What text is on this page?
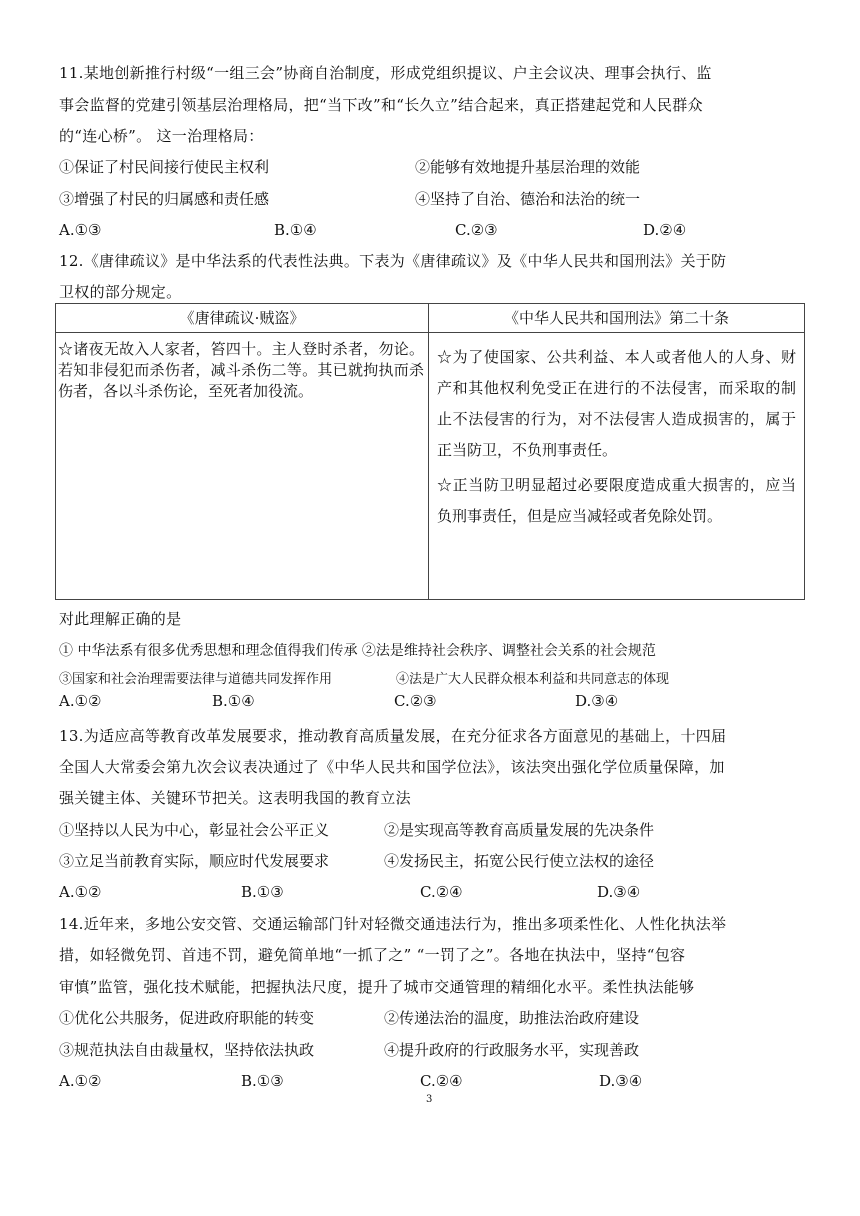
11.某地创新推行村级“一组三会”协商自治制度，形成党组织提议、户主会议决、理事会执行、监
事会监督的党建引领基层治理格局，把“当下改”和“长久立”结合起来，真正搭建起党和人民群众
的“连心桥”。 这一治理格局：
①保证了村民间接行使民主权利	②能够有效地提升基层治理的效能
③增强了村民的归属感和责任感	④坚持了自治、德治和法治的统一
A.①③	B.①④	C.②③	D.②④
12.《唐律疏议》是中华法系的代表性法典。下表为《唐律疏议》及《中华人民共和国刑法》关于防
卫权的部分规定。
《唐律疏议·贼盗》	《中华人民共和国刑法》第二十条

☆诸夜无故入人家者，笞四十。主人登时杀者，勿论。若知非侵犯而杀伤者，减斗杀伤二等。其已就拘执而杀伤者，各以斗杀伤论，至死者加役流。	☆为了使国家、公共利益、本人或者他人的人身、财产和其他权利免受正在进行的不法侵害，而采取的制止不法侵害的行为，对不法侵害人造成损害的，属于正当防卫，不负刑事责任。

☆正当防卫明显超过必要限度造成重大损害的，应当负刑事责任，但是应当减轻或者免除处罚。

对此理解正确的是
① 中华法系有很多优秀思想和理念值得我们传承 ②法是维持社会秩序、调整社会关系的社会规范
③国家和社会治理需要法律与道德共同发挥作用	④法是广大人民群众根本利益和共同意志的体现
A.①②	B.①④	C.②③	D.③④
13.为适应高等教育改革发展要求，推动教育高质量发展，在充分征求各方面意见的基础上，十四届
全国人大常委会第九次会议表决通过了《中华人民共和国学位法》，该法突出强化学位质量保障，加
强关键主体、关键环节把关。这表明我国的教育立法
①坚持以人民为中心，彰显社会公平正义	②是实现高等教育高质量发展的先决条件
③立足当前教育实际，顺应时代发展要求	④发扬民主，拓宽公民行使立法权的途径
A.①②	B.①③	C.②④	D.③④
14.近年来，多地公安交管、交通运输部门针对轻微交通违法行为，推出多项柔性化、人性化执法举
措，如轻微免罚、首违不罚，避免简单地“一抓了之” “一罚了之”。各地在执法中，坚持“包容
审慎”监管，强化技术赋能，把握执法尺度，提升了城市交通管理的精细化水平。柔性执法能够
①优化公共服务，促进政府职能的转变	②传递法治的温度，助推法治政府建设
③规范执法自由裁量权，坚持依法执政	④提升政府的行政服务水平，实现善政
A.①②	B.①③	C.②④	D.③④
3
